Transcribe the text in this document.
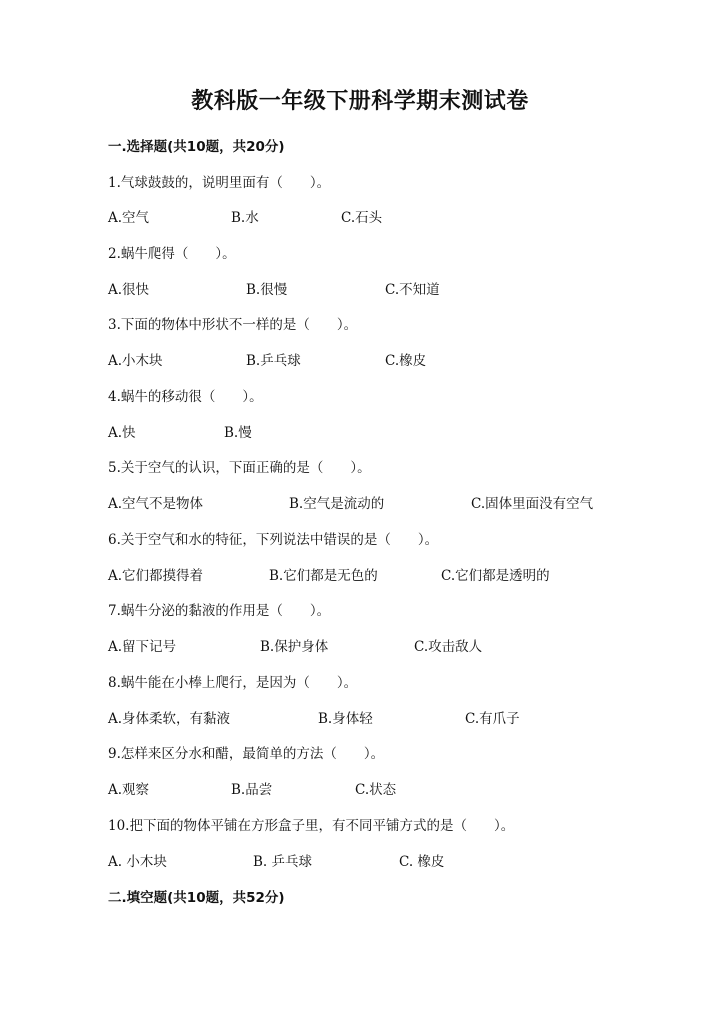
教科版一年级下册科学期末测试卷
一.选择题(共10题，共20分)
1.气球鼓鼓的，说明里面有（　　）。
A.空气	B.水	C.石头
2.蜗牛爬得（　　）。
A.很快	B.很慢	C.不知道
3.下面的物体中形状不一样的是（　　）。
A.小木块	B.乒乓球	C.橡皮
4.蜗牛的移动很（　　）。
A.快	B.慢
5.关于空气的认识，下面正确的是（　　）。
A.空气不是物体	B.空气是流动的	C.固体里面没有空气
6.关于空气和水的特征，下列说法中错误的是（　　）。
A.它们都摸得着	B.它们都是无色的	C.它们都是透明的
7.蜗牛分泌的黏液的作用是（　　）。
A.留下记号	B.保护身体	C.攻击敌人
8.蜗牛能在小棒上爬行，是因为（　　）。
A.身体柔软，有黏液	B.身体轻	C.有爪子
9.怎样来区分水和醋，最简单的方法（　　）。
A.观察	B.品尝	C.状态
10.把下面的物体平铺在方形盒子里，有不同平铺方式的是（　　）。
A. 小木块	B. 乒乓球	C. 橡皮
二.填空题(共10题，共52分)
